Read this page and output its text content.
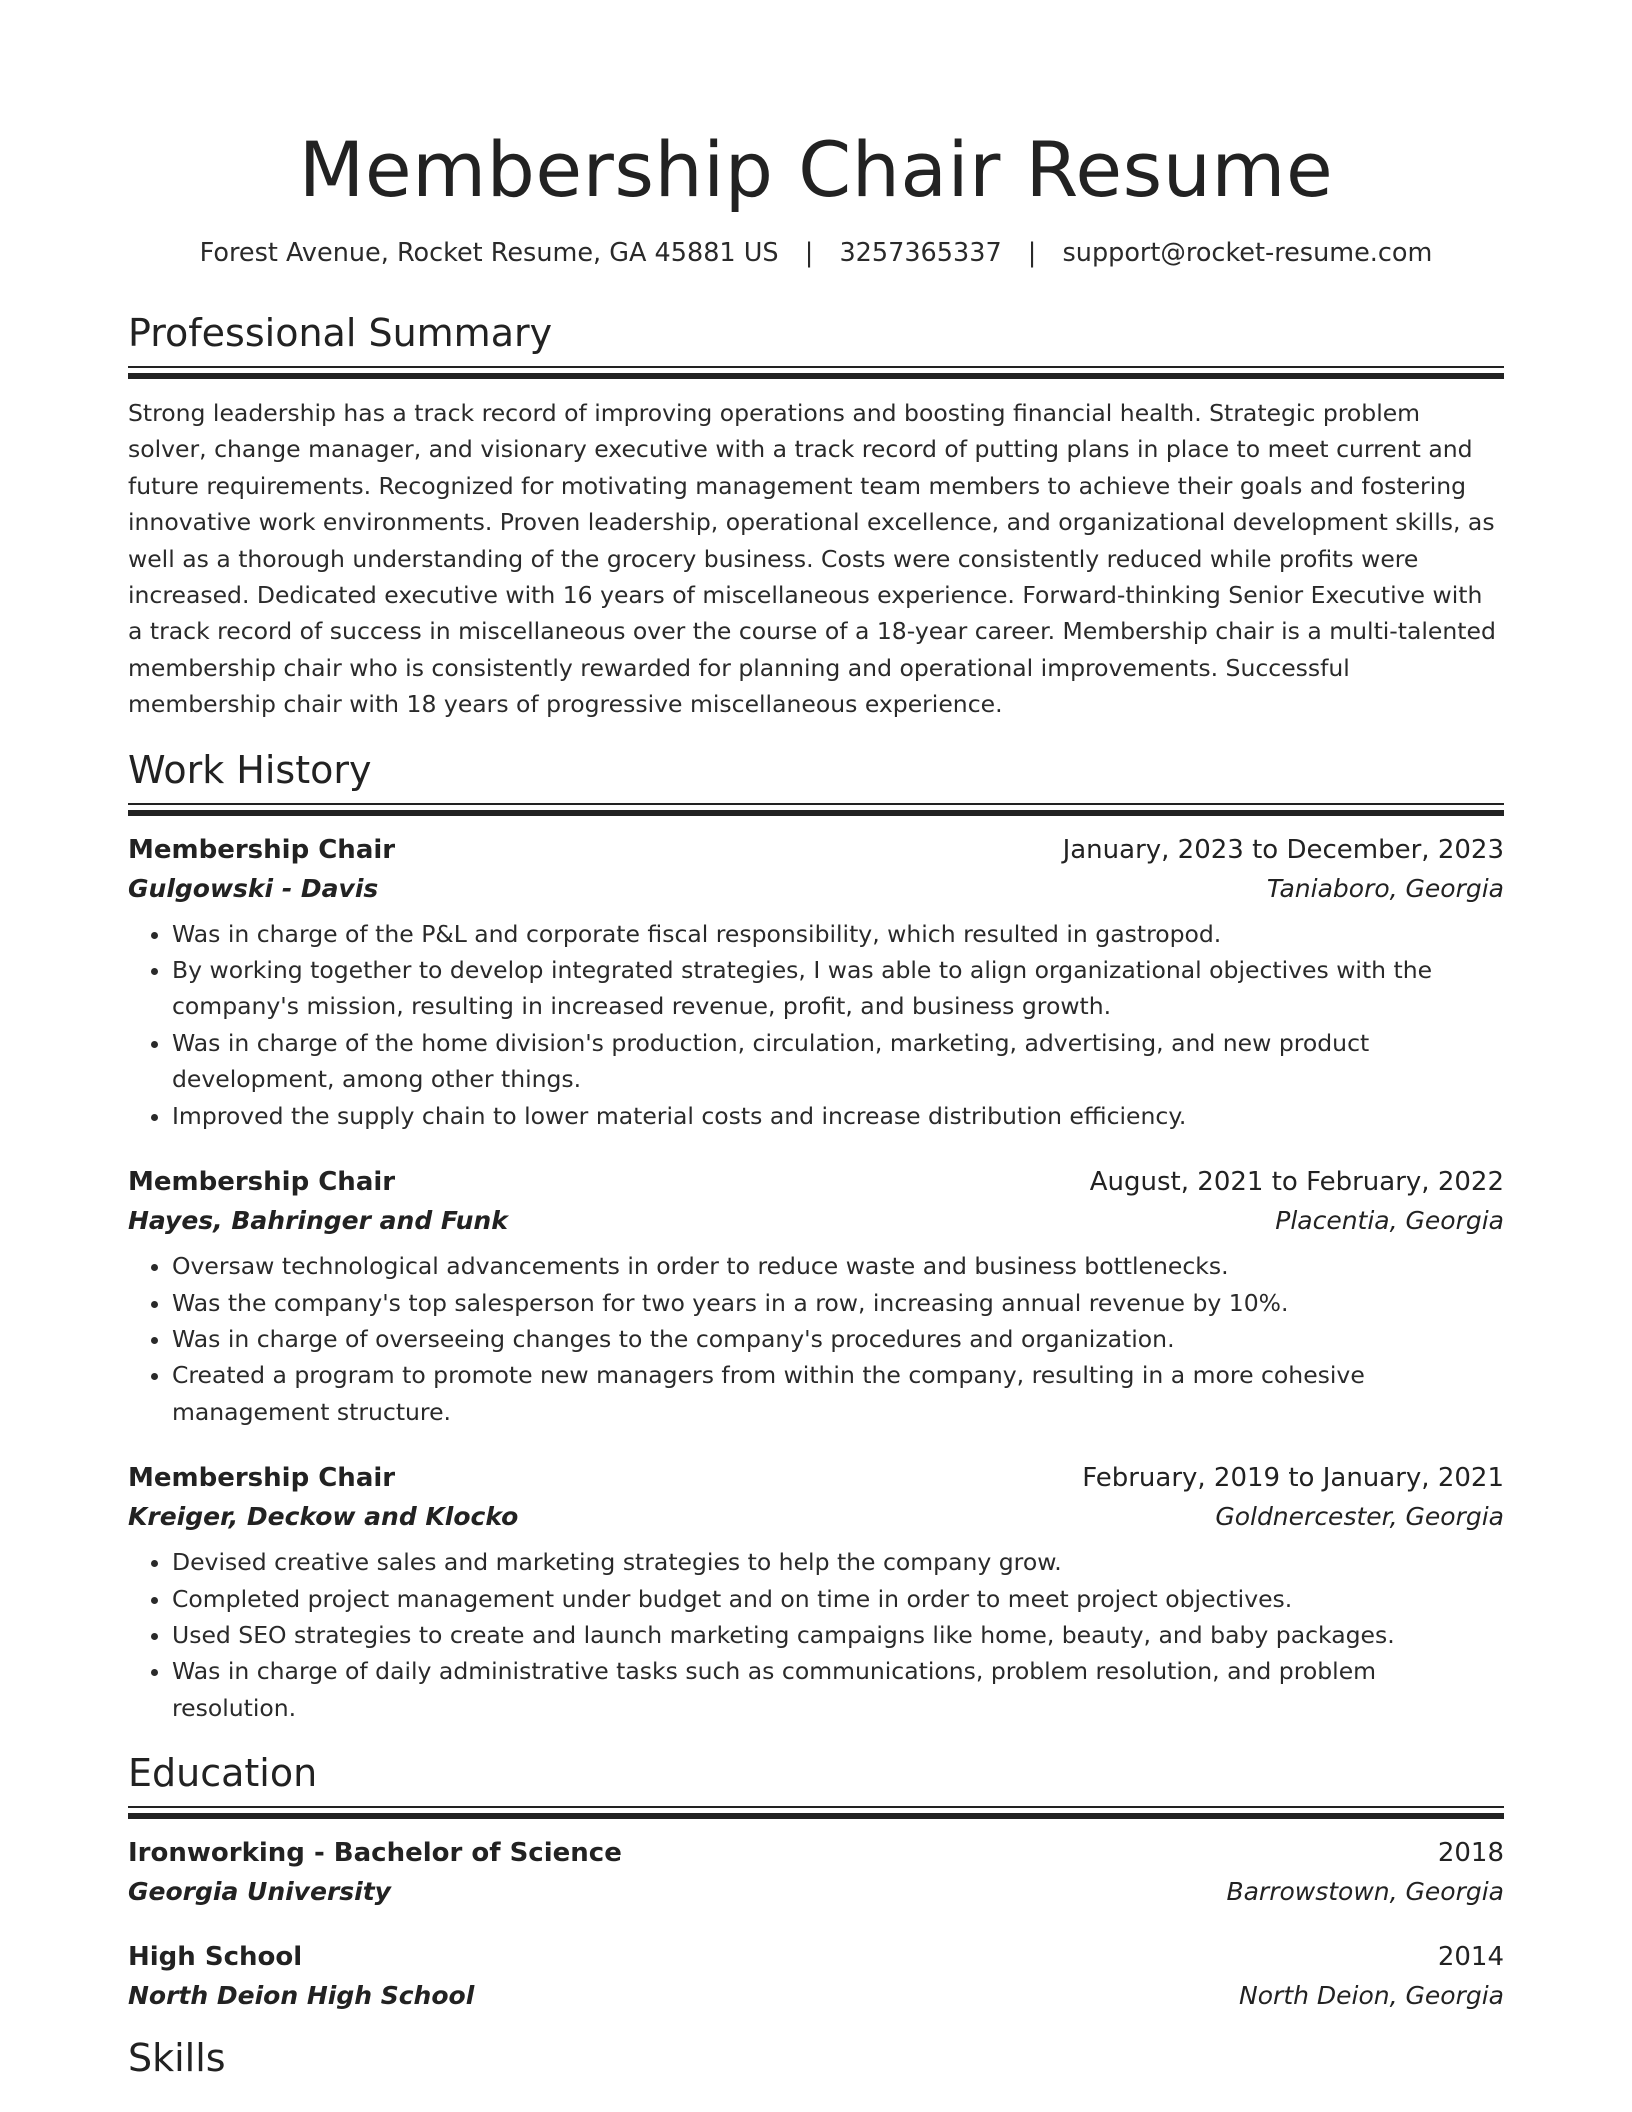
Membership Chair Resume
Forest Avenue, Rocket Resume, GA 45881 US | 3257365337 | support@rocket-resume.com
Professional Summary
Strong leadership has a track record of improving operations and boosting financial health. Strategic problem solver, change manager, and visionary executive with a track record of putting plans in place to meet current and future requirements. Recognized for motivating management team members to achieve their goals and fostering innovative work environments. Proven leadership, operational excellence, and organizational development skills, as well as a thorough understanding of the grocery business. Costs were consistently reduced while profits were increased. Dedicated executive with 16 years of miscellaneous experience. Forward-thinking Senior Executive with a track record of success in miscellaneous over the course of a 18-year career. Membership chair is a multi-talented membership chair who is consistently rewarded for planning and operational improvements. Successful membership chair with 18 years of progressive miscellaneous experience.
Work History
Membership Chair	January, 2023 to December, 2023
Gulgowski - Davis	Taniaboro, Georgia
• Was in charge of the P&L and corporate fiscal responsibility, which resulted in gastropod.
• By working together to develop integrated strategies, I was able to align organizational objectives with the company's mission, resulting in increased revenue, profit, and business growth.
• Was in charge of the home division's production, circulation, marketing, advertising, and new product development, among other things.
• Improved the supply chain to lower material costs and increase distribution efficiency.
Membership Chair	August, 2021 to February, 2022
Hayes, Bahringer and Funk	Placentia, Georgia
• Oversaw technological advancements in order to reduce waste and business bottlenecks.
• Was the company's top salesperson for two years in a row, increasing annual revenue by 10%.
• Was in charge of overseeing changes to the company's procedures and organization.
• Created a program to promote new managers from within the company, resulting in a more cohesive management structure.
Membership Chair	February, 2019 to January, 2021
Kreiger, Deckow and Klocko	Goldnercester, Georgia
• Devised creative sales and marketing strategies to help the company grow.
• Completed project management under budget and on time in order to meet project objectives.
• Used SEO strategies to create and launch marketing campaigns like home, beauty, and baby packages.
• Was in charge of daily administrative tasks such as communications, problem resolution, and problem resolution.
Education
Ironworking - Bachelor of Science	2018
Georgia University	Barrowstown, Georgia
High School	2014
North Deion High School	North Deion, Georgia
Skills
